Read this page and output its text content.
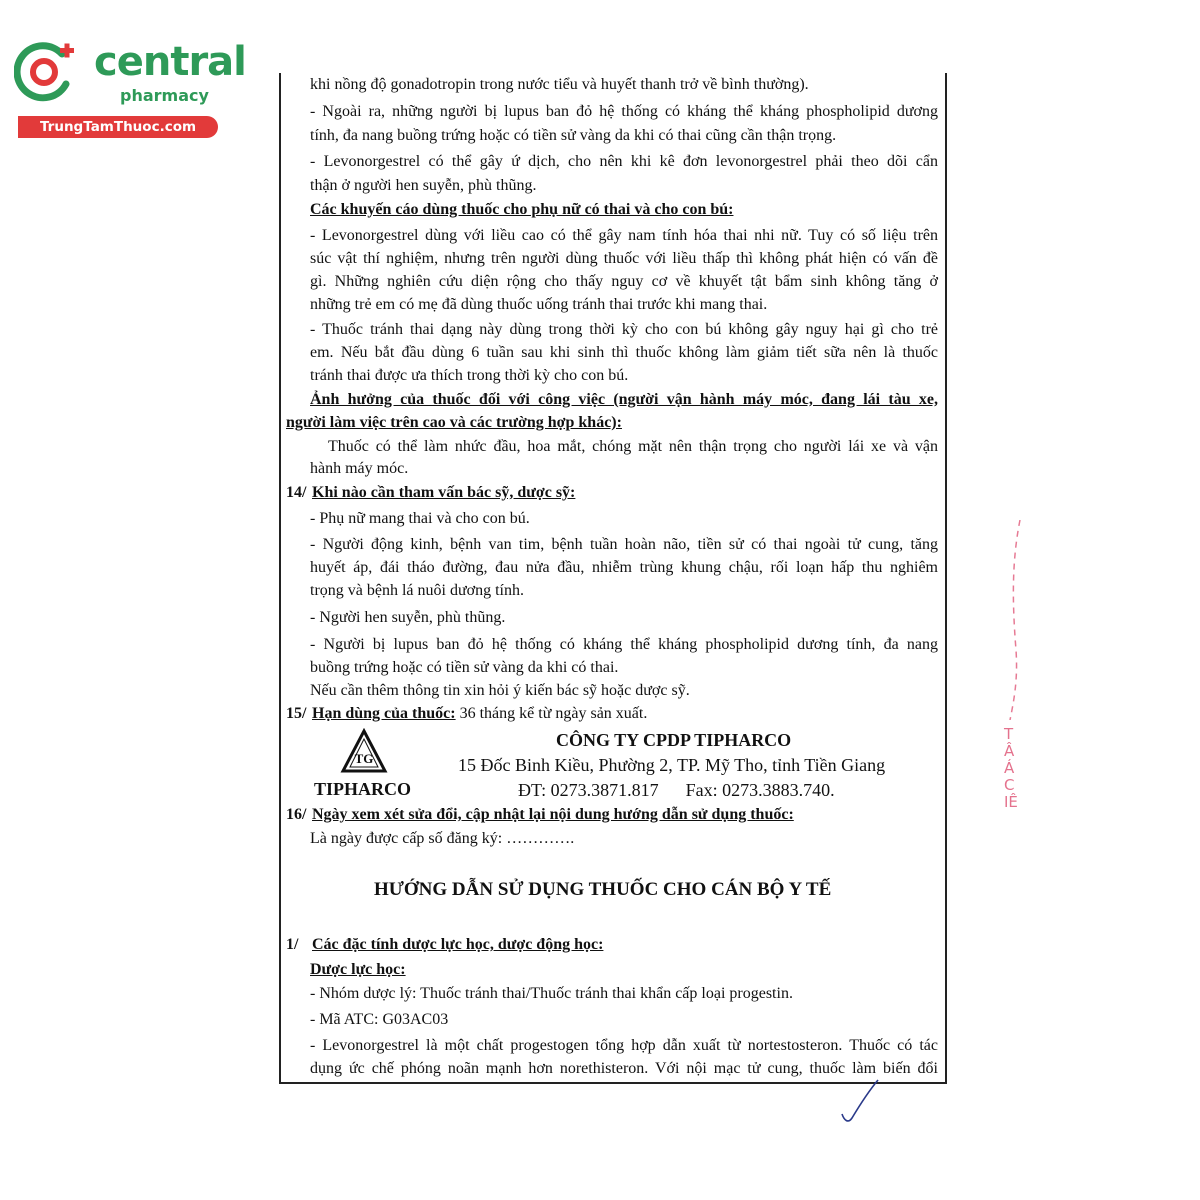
central
pharmacy
TrungTamThuoc.com
khi nồng độ gonadotropin trong nước tiểu và huyết thanh trở về bình thường).
- Ngoài ra, những người bị lupus ban đỏ hệ thống có kháng thể kháng phospholipid dương
tính, đa nang buồng trứng hoặc có tiền sử vàng da khi có thai cũng cần thận trọng.
- Levonorgestrel có thể gây ứ dịch, cho nên khi kê đơn levonorgestrel phải theo dõi cẩn
thận ở người hen suyễn, phù thũng.
Các khuyến cáo dùng thuốc cho phụ nữ có thai và cho con bú:
- Levonorgestrel dùng với liều cao có thể gây nam tính hóa thai nhi nữ. Tuy có số liệu trên
súc vật thí nghiệm, nhưng trên người dùng thuốc với liều thấp thì không phát hiện có vấn đề
gì. Những nghiên cứu diện rộng cho thấy nguy cơ về khuyết tật bẩm sinh không tăng ở
những trẻ em có mẹ đã dùng thuốc uống tránh thai trước khi mang thai.
- Thuốc tránh thai dạng này dùng trong thời kỳ cho con bú không gây nguy hại gì cho trẻ
em. Nếu bắt đầu dùng 6 tuần sau khi sinh thì thuốc không làm giảm tiết sữa nên là thuốc
tránh thai được ưa thích trong thời kỳ cho con bú.
Ảnh hưởng của thuốc đối với công việc (người vận hành máy móc, đang lái tàu xe,
người làm việc trên cao và các trường hợp khác):
Thuốc có thể làm nhức đầu, hoa mắt, chóng mặt nên thận trọng cho người lái xe và vận
hành máy móc.
14/ Khi nào cần tham vấn bác sỹ, dược sỹ:
- Phụ nữ mang thai và cho con bú.
- Người động kinh, bệnh van tim, bệnh tuần hoàn não, tiền sử có thai ngoài tử cung, tăng
huyết áp, đái tháo đường, đau nửa đầu, nhiễm trùng khung chậu, rối loạn hấp thu nghiêm
trọng và bệnh lá nuôi dương tính.
- Người hen suyễn, phù thũng.
- Người bị lupus ban đỏ hệ thống có kháng thể kháng phospholipid dương tính, đa nang
buồng trứng hoặc có tiền sử vàng da khi có thai.
Nếu cần thêm thông tin xin hỏi ý kiến bác sỹ hoặc dược sỹ.
15/ Hạn dùng của thuốc: 36 tháng kể từ ngày sản xuất.
TG
TIPHARCO
CÔNG TY CPDP TIPHARCO
15 Đốc Binh Kiều, Phường 2, TP. Mỹ Tho, tỉnh Tiền Giang
ĐT: 0273.3871.817      Fax: 0273.3883.740.
16/ Ngày xem xét sửa đổi, cập nhật lại nội dung hướng dẫn sử dụng thuốc:
Là ngày được cấp số đăng ký: ………….
HƯỚNG DẪN SỬ DỤNG THUỐC CHO CÁN BỘ Y TẾ
1/ Các đặc tính dược lực học, dược động học:
Dược lực học:
- Nhóm dược lý: Thuốc tránh thai/Thuốc tránh thai khẩn cấp loại progestin.
- Mã ATC: G03AC03
- Levonorgestrel là một chất progestogen tổng hợp dẫn xuất từ nortestosteron. Thuốc có tác
dụng ức chế phóng noãn mạnh hơn norethisteron. Với nội mạc tử cung, thuốc làm biến đổi
T
Â
Á
C
IÊ
